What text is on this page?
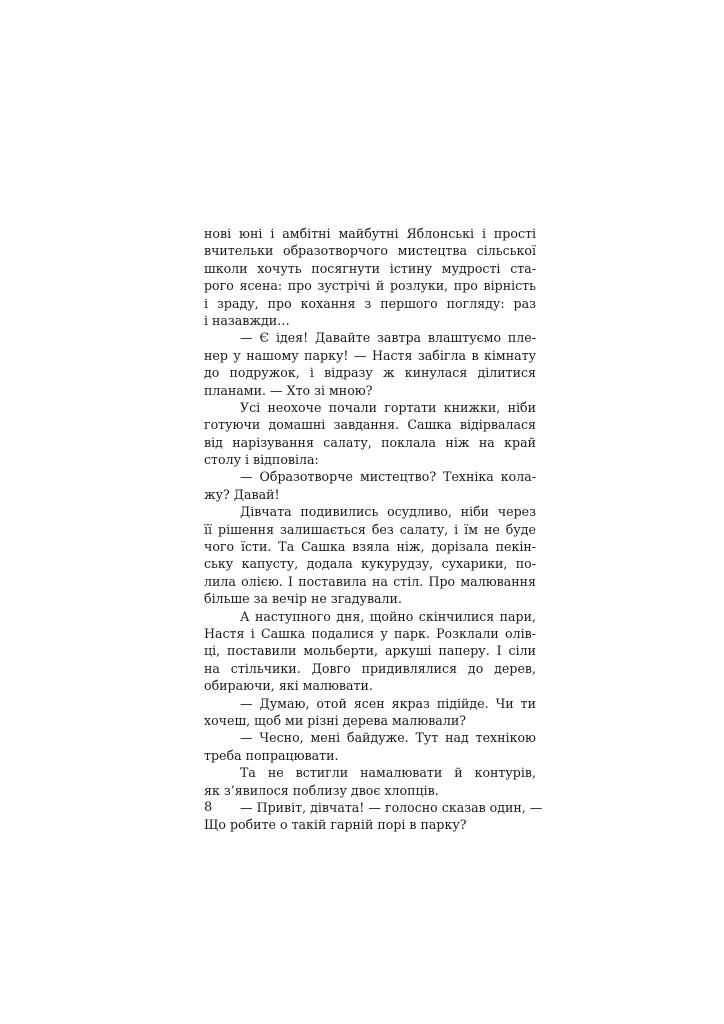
нові юні і амбітні майбутні Яблонські і прості
вчительки образотворчого мистецтва сільської
школи хочуть посягнути істину мудрості ста-
рого ясена: про зустрічі й розлуки, про вірність
і зраду, про кохання з першого погляду: раз
і назавжди…
— Є ідея! Давайте завтра влаштуємо пле-
нер у нашому парку! — Настя забігла в кімнату
до подружок, і відразу ж кинулася ділитися
планами. — Хто зі мною?
Усі неохоче почали гортати книжки, ніби
готуючи домашні завдання. Сашка відірвалася
від нарізування салату, поклала ніж на край
столу і відповіла:
— Образотворче мистецтво? Техніка кола-
жу? Давай!
Дівчата подивились осудливо, ніби через
її рішення залишається без салату, і їм не буде
чого їсти. Та Сашка взяла ніж, дорізала пекін-
ську капусту, додала кукурудзу, сухарики, по-
лила олією. І поставила на стіл. Про малювання
більше за вечір не згадували.
А наступного дня, щойно скінчилися пари,
Настя і Сашка подалися у парк. Розклали олів-
ці, поставили мольберти, аркуші паперу. І сіли
на стільчики. Довго придивлялися до дерев,
обираючи, які малювати.
— Думаю, отой ясен якраз підійде. Чи ти
хочеш, щоб ми різні дерева малювали?
— Чесно, мені байдуже. Тут над технікою
треба попрацювати.
Та не встигли намалювати й контурів,
як з’явилося поблизу двоє хлопців.
— Привіт, дівчата! — голосно сказав один, —
Що робите о такій гарній порі в парку?
8
